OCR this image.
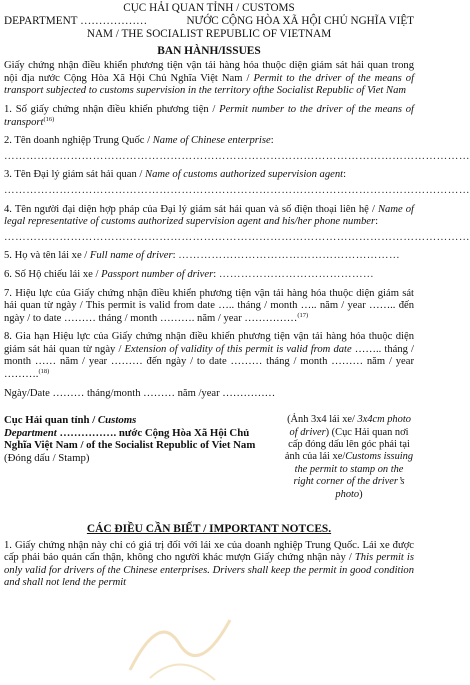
CỤC HẢI QUAN TỈNH / CUSTOMS
DEPARTMENT ………………	NƯỚC CỘNG HÒA XÃ HỘI CHỦ NGHĨA VIỆT
NAM / THE SOCIALIST REPUBLIC OF VIETNAM
BAN HÀNH/ISSUES
Giấy chứng nhận điều khiển phương tiện vận tải hàng hóa thuộc diện giám sát hải quan trong nội địa nước Cộng Hòa Xã Hội Chủ Nghĩa Việt Nam / Permit to the driver of the means of transport subjected to customs supervision in the territory ofthe Socialist Republic of Viet Nam
1. Số giấy chứng nhận điều khiển phương tiện / Permit number to the driver of the means of transport$^{(16)}$
2. Tên doanh nghiệp Trung Quốc / Name of Chinese enterprise:
………………………………………………………………………………………………………………
3. Tên Đại lý giám sát hải quan / Name of customs authorized supervision agent:
………………………………………………………………………………………………………………
4. Tên người đại diện hợp pháp của Đại lý giám sát hải quan và số điện thoại liên hệ / Name of legal representative of customs authorized supervision agent and his/her phone number:
………………………………………………………………………………………………………………
5. Họ và tên lái xe / Full name of driver: ……………………………………………………
6. Số Hộ chiếu lái xe / Passport number of driver: ……………………………………
7. Hiệu lực của Giấy chứng nhận điều khiển phương tiện vận tải hàng hóa thuộc diện giám sát hải quan từ ngày / This permit is valid from date ….. tháng / month ….. năm / year …….. đến ngày / to date ……… tháng / month ………. năm / year ……………$^{(17)}$
8. Gia hạn Hiệu lực của Giấy chứng nhận điều khiển phương tiện vận tải hàng hóa thuộc diện giám sát hải quan từ ngày / Extension of validity of this permit is valid from date …….. tháng / month …… năm / year ……… đến ngày / to date ……… tháng / month ……… năm / year ……….$^{(18)}$
Ngày/Date ……… tháng/month ……… năm /year ……………
Cục Hải quan tỉnh / Customs
Department ……………. nước Cộng Hòa Xã Hội Chủ
Nghĩa Việt Nam / of the Socialist Republic of Viet Nam
(Đóng dấu / Stamp)
(Ảnh 3x4 lái xe/ 3x4cm photo of driver) (Cục Hải quan nơi cấp đóng dấu lên góc phải tại ảnh của lái xe/Customs issuing the permit to stamp on the right corner of the driver’s photo)
CÁC ĐIỀU CẦN BIẾT / IMPORTANT NOTCES.
1. Giấy chứng nhận này chỉ có giá trị đối với lái xe của doanh nghiệp Trung Quốc. Lái xe được cấp phải bảo quản cẩn thận, không cho người khác mượn Giấy chứng nhận này / This permit is only valid for drivers of the Chinese enterprises. Drivers shall keep the permit in good condition and shall not lend the permit
